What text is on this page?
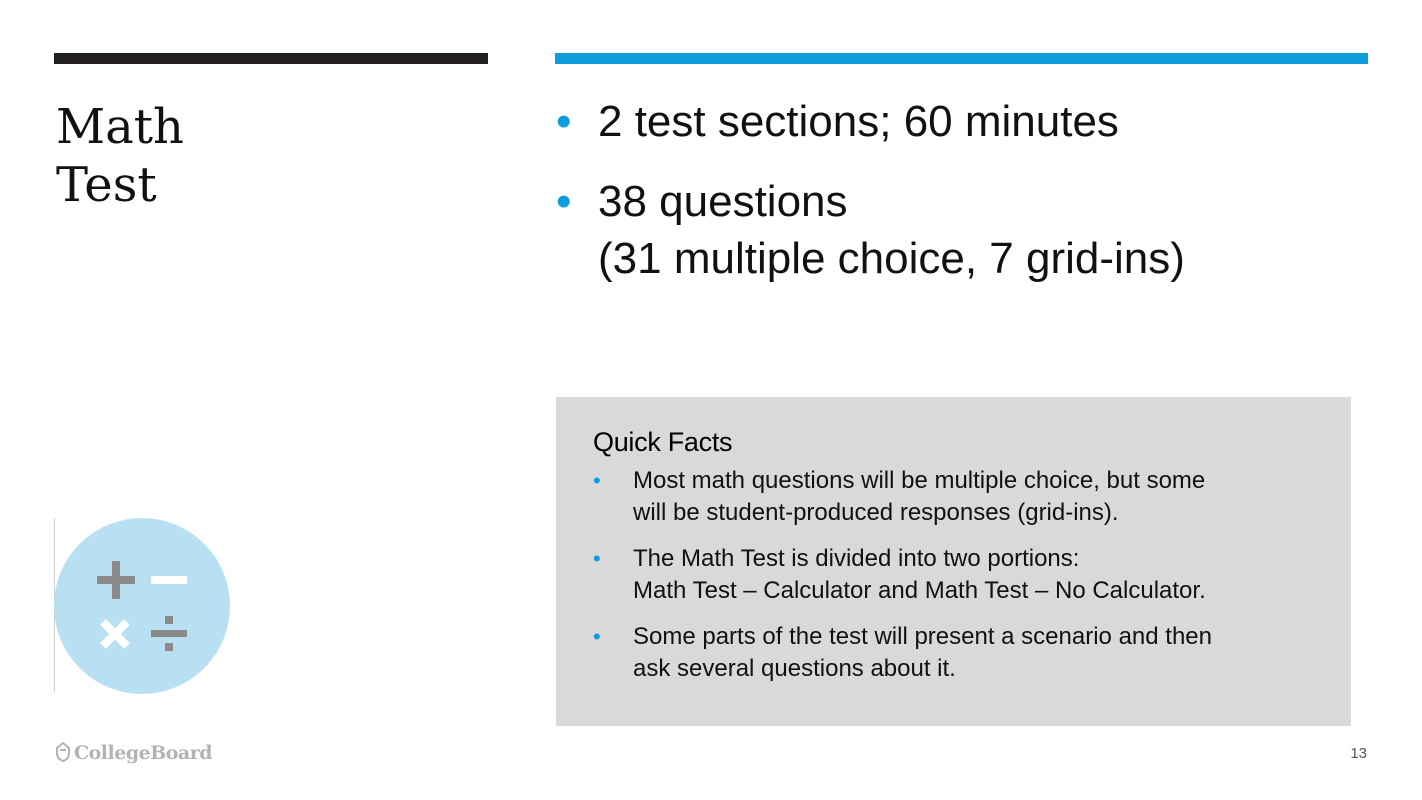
Math
Test
• 2 test sections; 60 minutes
• 38 questions
(31 multiple choice, 7 grid-ins)
Quick Facts
• Most math questions will be multiple choice, but some
will be student-produced responses (grid-ins).
• The Math Test is divided into two portions:
Math Test – Calculator and Math Test – No Calculator.
• Some parts of the test will present a scenario and then
ask several questions about it.
CollegeBoard	13
